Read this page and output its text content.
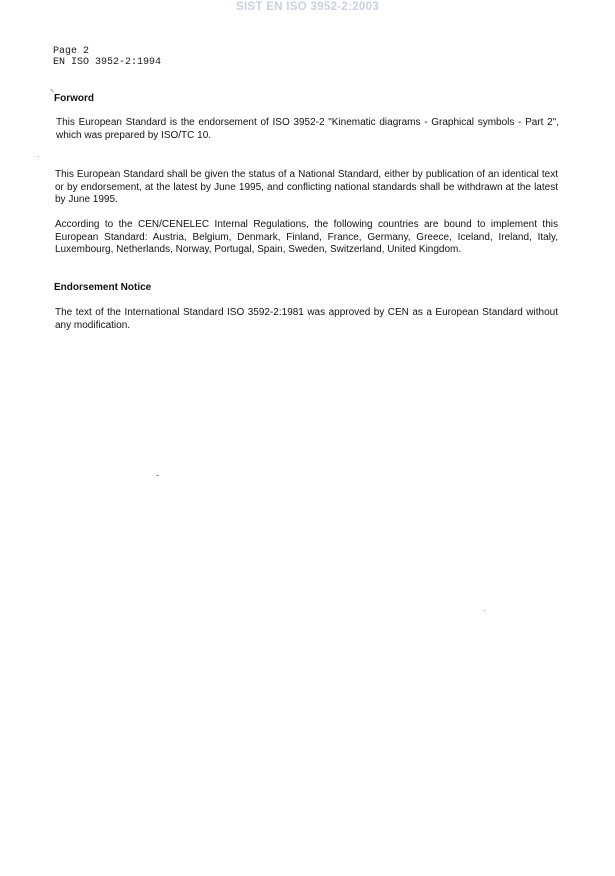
SIST EN ISO 3952-2:2003
Page 2
EN ISO 3952-2:1994
Forword
This European Standard is the endorsement of ISO 3952-2 "Kinematic diagrams - Graphical symbols - Part 2", which was prepared by ISO/TC 10.
This European Standard shall be given the status of a National Standard, either by publication of an identical text or by endorsement, at the latest by June 1995, and conflicting national standards shall be withdrawn at the latest by June 1995.
According to the CEN/CENELEC Internal Regulations, the following countries are bound to implement this European Standard: Austria, Belgium, Denmark, Finland, France, Germany, Greece, Iceland, Ireland, Italy, Luxembourg, Netherlands, Norway, Portugal, Spain, Sweden, Switzerland, United Kingdom.
Endorsement Notice
The text of the International Standard ISO 3592-2:1981 was approved by CEN as a European Standard without any modification.
